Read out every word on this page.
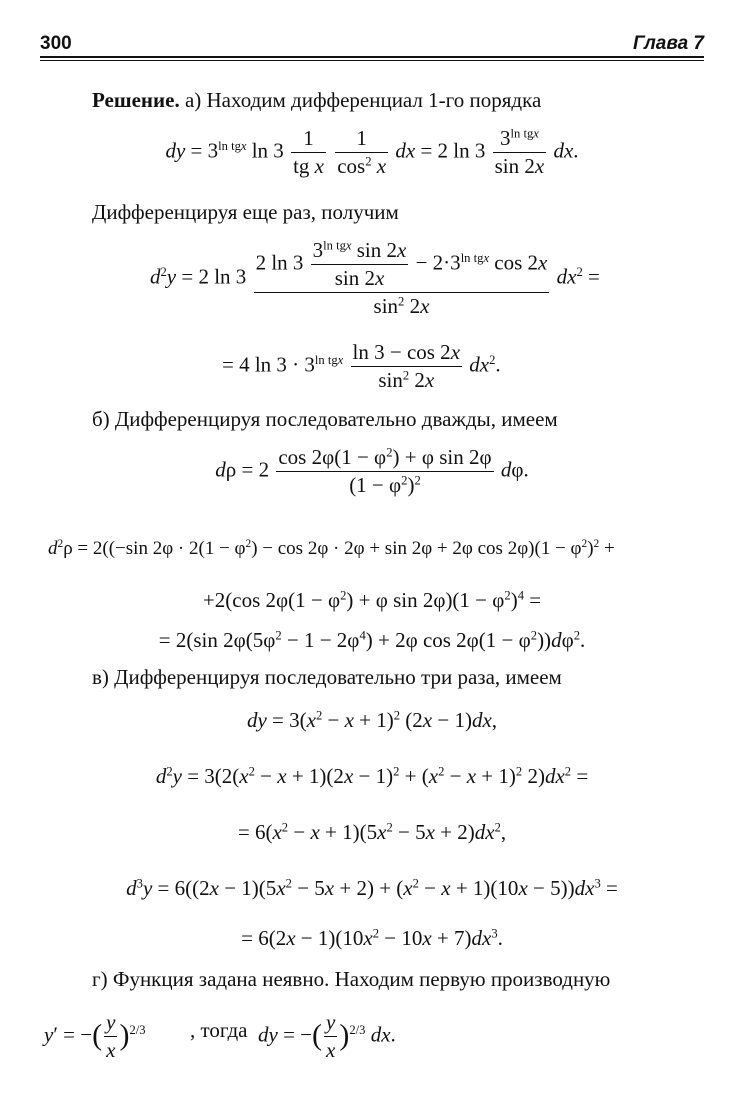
300	Глава 7
Решение. а) Находим дифференциал 1-го порядка
dy = $3^{ln tgx}$ $\ln 3 \frac{1}{\text{tg x}}$
$\frac{1}{\cos^2 x}$ dx = 2 $\ln 3 \frac{3^{ln tgx}}{\sin 2x}$ dx.
Дифференцируя еще раз, получим
$d^2y = 2$ $\ln 3 \frac{2 \ln 3 \frac{3^{ln tgx} \sin 2x}{\sin 2x} - 2\cdot 3^{ln tgx} \cos 2x}{\sin^2 2x} dx^2$ =
= 4 $\ln 3 \cdot 3^{ln tgx} \frac{\ln 3 - \cos 2x}{\sin^2 2x} dx^2$.
б) Дифференцируя последовательно дважды, имеем
$d\rho = 2 \frac{\cos 2\varphi(1 - \varphi^2) + \varphi \sin 2\varphi}{(1 - \varphi^2)^2} d\varphi$.
$d^2\rho = 2((-\sin$ $2\varphi \cdot 2(1 - \varphi^2) - \cos 2\varphi \cdot 2\varphi + \sin 2\varphi + 2\varphi$ $\cos 2\varphi)(1 - \varphi^2)^2$ +
+2(cos $2\varphi(1 - \varphi^2) + \varphi$ $\sin 2\varphi)(1 - \varphi^2)^4$ =
= 2(sin $2\varphi(5\varphi^2 - 1 - 2\varphi^4) + 2\varphi$ $\cos 2\varphi(1 - \varphi^2))d\varphi^2$.
в) Дифференцируя последовательно три раза, имеем
dy = $3(x^2 - x + 1)^2$ (2x − 1)dx,
$d^2y = 3(2(x^2 - x + 1)(2x - 1)^2 + (x^2 - x + 1)^2$ $2)dx^2$ =
= $6(x^2 - x + 1)(5x^2 - 5x + 2)dx^2$,
$d^3y = 6((2x - 1)(5x^2 - 5x + 2) + (x^2 - x + 1)(10x - 5))dx^3$ =
= $6(2x - 1)(10x^2 - 10x + 7)dx^3$.
г) Функция задана неявно. Находим первую производную
y′ = −( $\frac{y}{x} )^{2/3}$ , тогда dy = −( $\frac{y}{x} )^{2/3}$ dx.
